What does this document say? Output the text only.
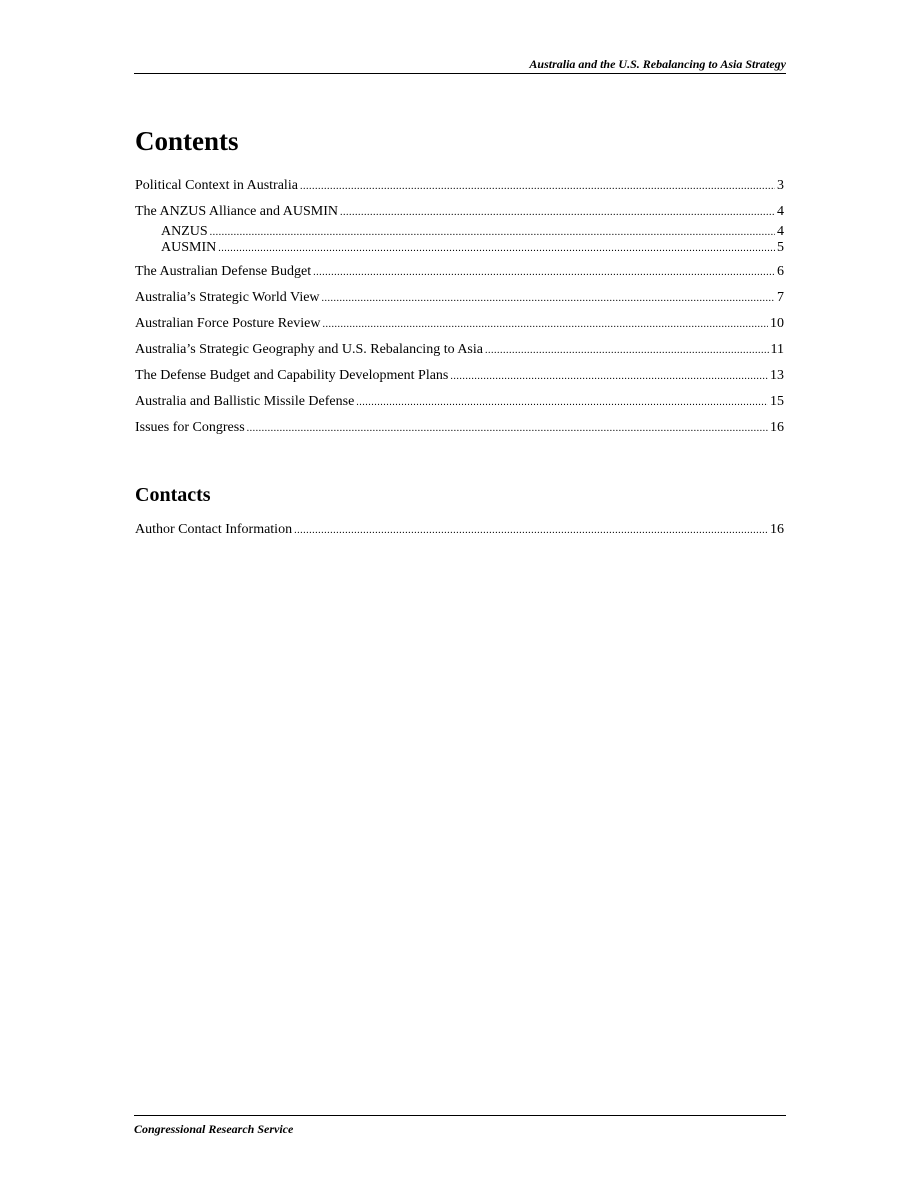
Australia and the U.S. Rebalancing to Asia Strategy
Contents
Political Context in Australia .....	3
The ANZUS Alliance and AUSMIN .....	4
ANZUS .....	4
AUSMIN .....	5
The Australian Defense Budget .....	6
Australia’s Strategic World View .....	7
Australian Force Posture Review .....	10
Australia’s Strategic Geography and U.S. Rebalancing to Asia .....	11
The Defense Budget and Capability Development Plans .....	13
Australia and Ballistic Missile Defense .....	15
Issues for Congress .....	16
Contacts
Author Contact Information .....	16
Congressional Research Service
